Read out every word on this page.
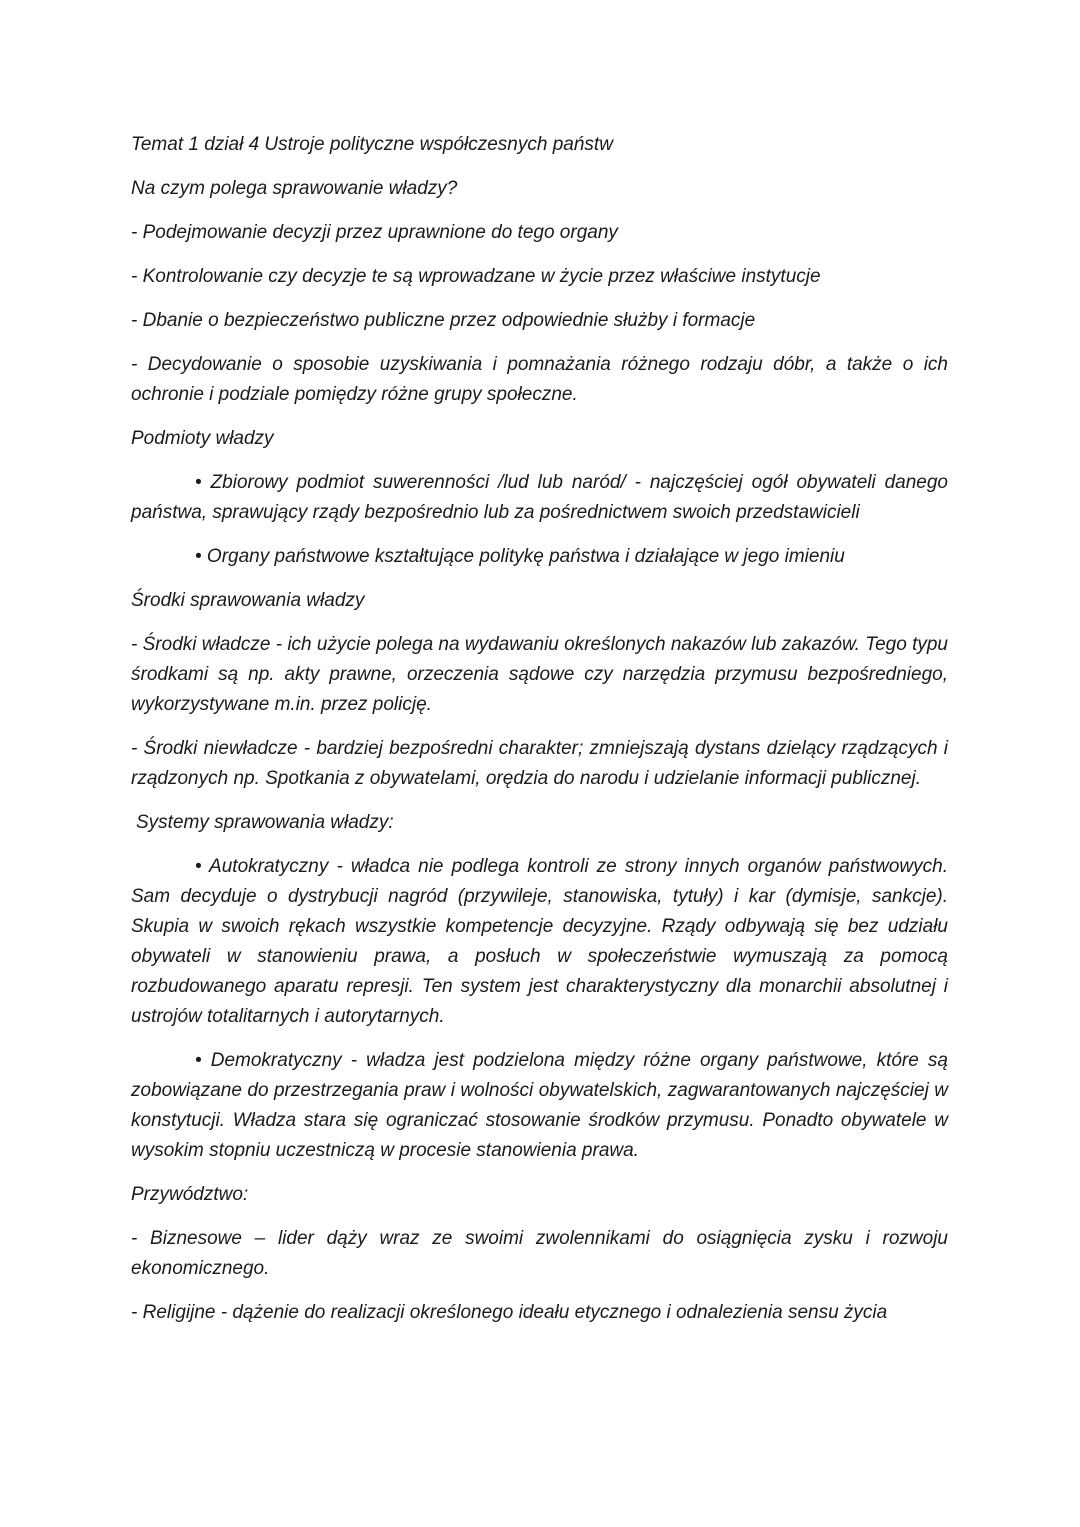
Temat 1 dział 4 Ustroje polityczne współczesnych państw

Na czym polega sprawowanie władzy?

- Podejmowanie decyzji przez uprawnione do tego organy

- Kontrolowanie czy decyzje te są wprowadzane w życie przez właściwe instytucje

- Dbanie o bezpieczeństwo publiczne przez odpowiednie służby i formacje

- Decydowanie o sposobie uzyskiwania i pomnażania różnego rodzaju dóbr, a także o ich ochronie i podziale pomiędzy różne grupy społeczne.

Podmioty władzy

• Zbiorowy podmiot suwerenności /lud lub naród/ - najczęściej ogół obywateli danego państwa, sprawujący rządy bezpośrednio lub za pośrednictwem swoich przedstawicieli

• Organy państwowe kształtujące politykę państwa i działające w jego imieniu

Środki sprawowania władzy

- Środki władcze - ich użycie polega na wydawaniu określonych nakazów lub zakazów. Tego typu środkami są np. akty prawne, orzeczenia sądowe czy narzędzia przymusu bezpośredniego, wykorzystywane m.in. przez policję.

- Środki niewładcze - bardziej bezpośredni charakter; zmniejszają dystans dzielący rządzących i rządzonych np. Spotkania z obywatelami, orędzia do narodu i udzielanie informacji publicznej.

Systemy sprawowania władzy:

• Autokratyczny - władca nie podlega kontroli ze strony innych organów państwowych. Sam decyduje o dystrybucji nagród (przywileje, stanowiska, tytuły) i kar (dymisje, sankcje). Skupia w swoich rękach wszystkie kompetencje decyzyjne. Rządy odbywają się bez udziału obywateli w stanowieniu prawa, a posłuch w społeczeństwie wymuszają za pomocą rozbudowanego aparatu represji. Ten system jest charakterystyczny dla monarchii absolutnej i ustrojów totalitarnych i autorytarnych.

• Demokratyczny - władza jest podzielona między różne organy państwowe, które są zobowiązane do przestrzegania praw i wolności obywatelskich, zagwarantowanych najczęściej w konstytucji. Władza stara się ograniczać stosowanie środków przymusu. Ponadto obywatele w wysokim stopniu uczestniczą w procesie stanowienia prawa.

Przywództwo:

- Biznesowe – lider dąży wraz ze swoimi zwolennikami do osiągnięcia zysku i rozwoju ekonomicznego.

- Religijne - dążenie do realizacji określonego ideału etycznego i odnalezienia sensu życia
